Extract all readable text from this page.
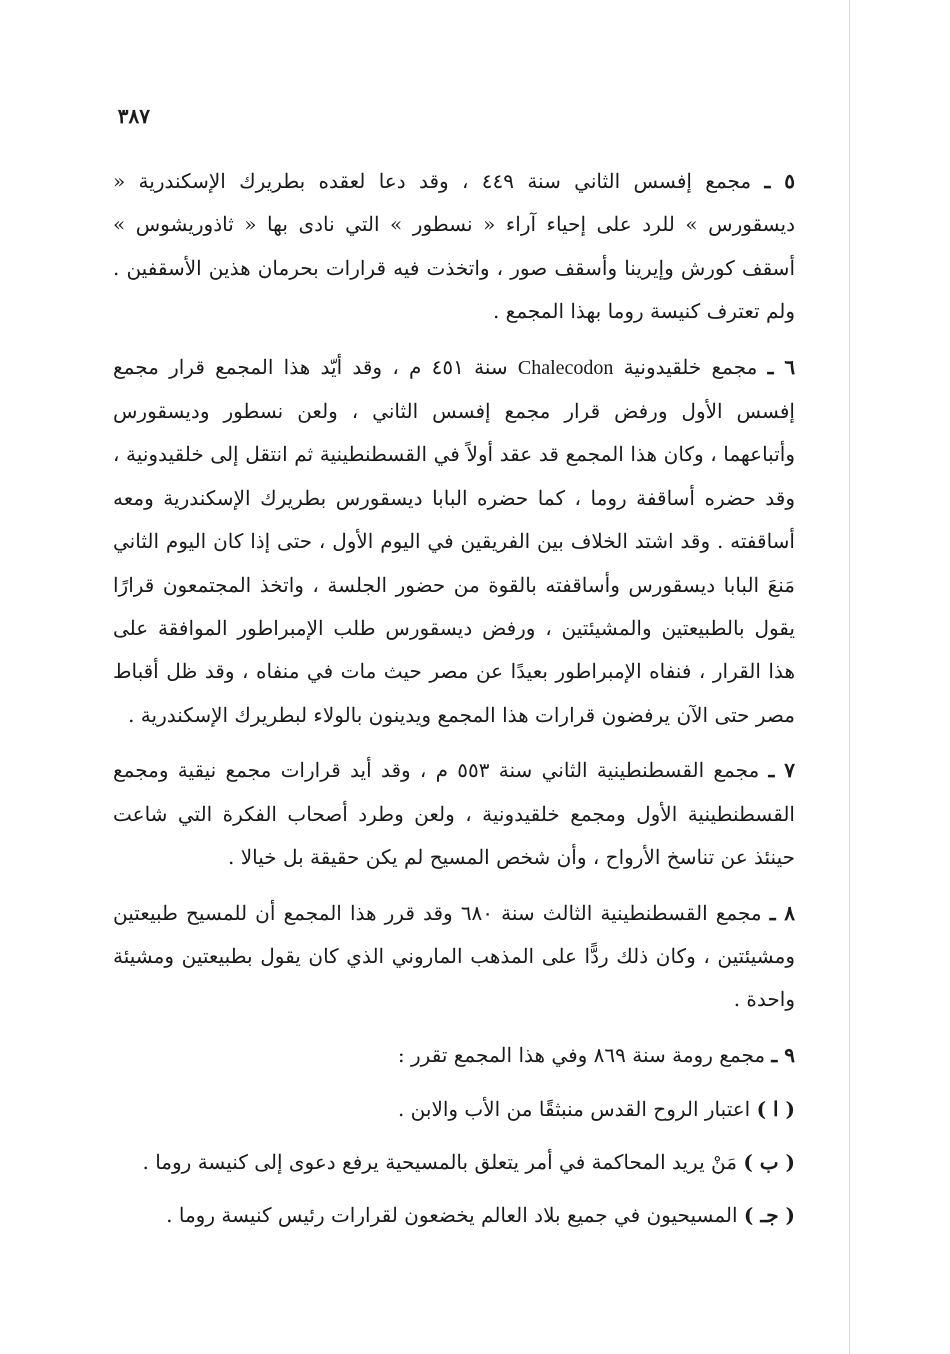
٣٨٧

٥ ـ مجمع إفسس الثاني سنة ٤٤٩ ، وقد دعا لعقده بطريرك الإسكندرية « ديسقورس » للرد على إحياء آراء « نسطور » التي نادى بها « ثاذوريشوس » أسقف كورش وإيرينا وأسقف صور ، واتخذت فيه قرارات بحرمان هذين الأسقفين . ولم تعترف كنيسة روما بهذا المجمع .

٦ ـ مجمع خلقيدونية Chalecodon سنة ٤٥١ م ، وقد أيّد هذا المجمع قرار مجمع إفسس الأول ورفض قرار مجمع إفسس الثاني ، ولعن نسطور وديسقورس وأتباعهما ، وكان هذا المجمع قد عقد أولاً في القسطنطينية ثم انتقل إلى خلقيدونية ، وقد حضره أساقفة روما ، كما حضره البابا ديسقورس بطريرك الإسكندرية ومعه أساقفته . وقد اشتد الخلاف بين الفريقين في اليوم الأول ، حتى إذا كان اليوم الثاني مَنعَ البابا ديسقورس وأساقفته بالقوة من حضور الجلسة ، واتخذ المجتمعون قرارًا يقول بالطبيعتين والمشيئتين ، ورفض ديسقورس طلب الإمبراطور الموافقة على هذا القرار ، فنفاه الإمبراطور بعيدًا عن مصر حيث مات في منفاه ، وقد ظل أقباط مصر حتى الآن يرفضون قرارات هذا المجمع ويدينون بالولاء لبطريرك الإسكندرية .

٧ ـ مجمع القسطنطينية الثاني سنة ٥٥٣ م ، وقد أيد قرارات مجمع نيقية ومجمع القسطنطينية الأول ومجمع خلقيدونية ، ولعن وطرد أصحاب الفكرة التي شاعت حينئذ عن تناسخ الأرواح ، وأن شخص المسيح لم يكن حقيقة بل خيالا .

٨ ـ مجمع القسطنطينية الثالث سنة ٦٨٠ وقد قرر هذا المجمع أن للمسيح طبيعتين ومشيئتين ، وكان ذلك ردًّا على المذهب الماروني الذي كان يقول بطبيعتين ومشيئة واحدة .

٩ ـ مجمع رومة سنة ٨٦٩ وفي هذا المجمع تقرر :

( ا ) اعتبار الروح القدس منبثقًا من الأب والابن .

( ب ) مَنْ يريد المحاكمة في أمر يتعلق بالمسيحية يرفع دعوى إلى كنيسة روما .

( جـ ) المسيحيون في جميع بلاد العالم يخضعون لقرارات رئيس كنيسة روما .
